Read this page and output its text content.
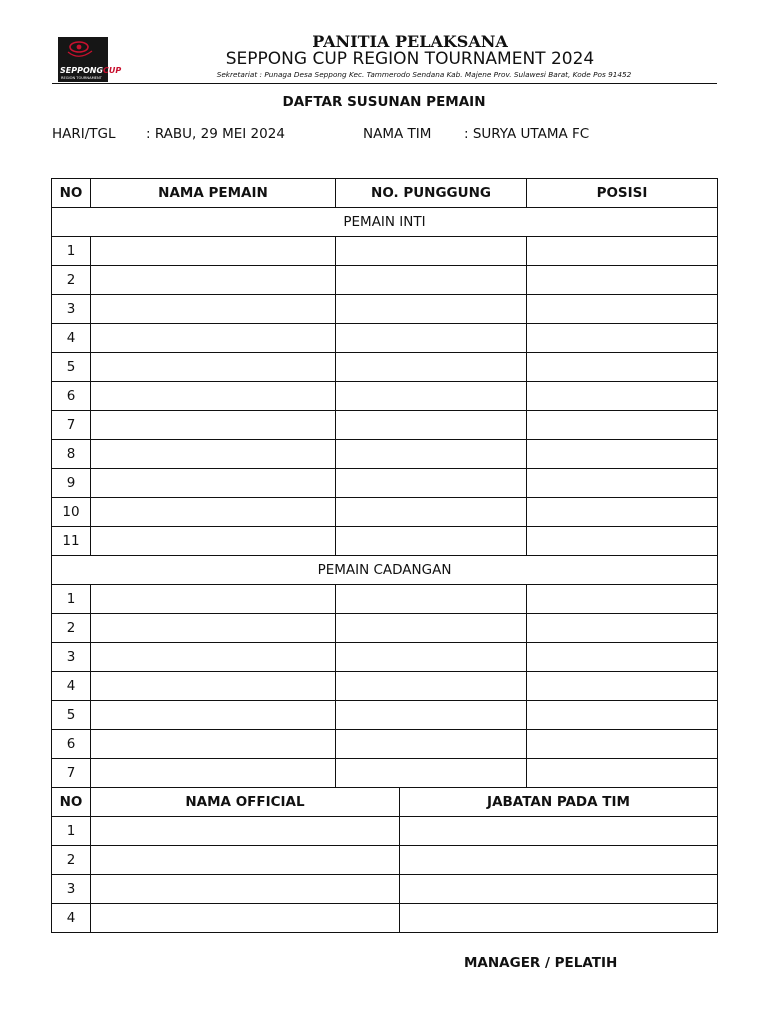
SEPPONGCUP
REGION TOURNAMENT
PANITIA PELAKSANA
SEPPONG CUP REGION TOURNAMENT 2024
Sekretariat : Punaga Desa Seppong Kec. Tammerodo Sendana Kab. Majene Prov. Sulawesi Barat, Kode Pos 91452
DAFTAR SUSUNAN PEMAIN
HARI/TGL : RABU, 29 MEI 2024	NAMA TIM : SURYA UTAMA FC
NO	NAMA PEMAIN	NO. PUNGGUNG		POSISI
PEMAIN INTI				
1				
2				
3				
4				
5				
6				
7				
8				
9				
10				
11				
PEMAIN CADANGAN				
1				
2				
3				
4				
5				
6				
7				
NO	NAMA OFFICIAL		JABATAN PADA TIM	
1				
2				
3				
4				
MANAGER / PELATIH
